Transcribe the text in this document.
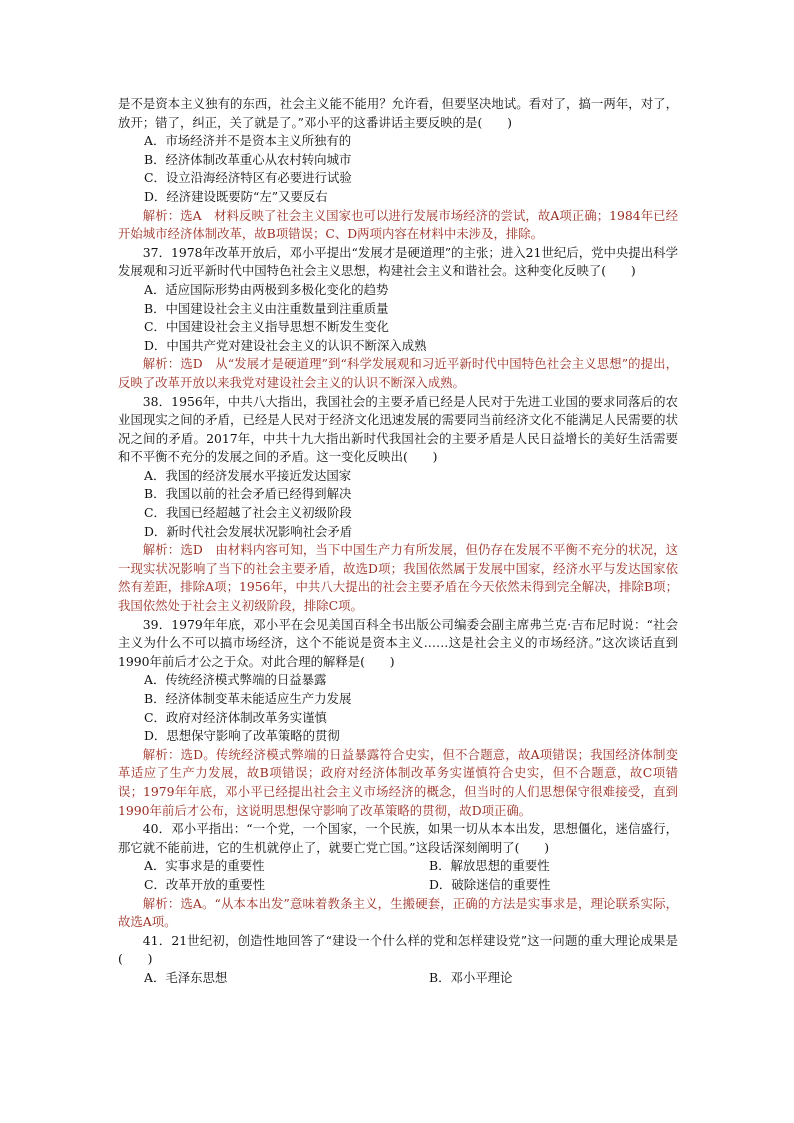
是不是资本主义独有的东西，社会主义能不能用？允许看，但要坚决地试。看对了，搞一两年，对了，放开；错了，纠正，关了就是了。”邓小平的这番讲话主要反映的是(　　)

A．市场经济并不是资本主义所独有的

B．经济体制改革重心从农村转向城市

C．设立沿海经济特区有必要进行试验

D．经济建设既要防“左”又要反右

解析：选A　材料反映了社会主义国家也可以进行发展市场经济的尝试，故A项正确；1984年已经开始城市经济体制改革，故B项错误；C、D两项内容在材料中未涉及，排除。

37．1978年改革开放后，邓小平提出“发展才是硬道理”的主张；进入21世纪后，党中央提出科学发展观和习近平新时代中国特色社会主义思想，构建社会主义和谐社会。这种变化反映了(　　)

A．适应国际形势由两极到多极化变化的趋势

B．中国建设社会主义由注重数量到注重质量

C．中国建设社会主义指导思想不断发生变化

D．中国共产党对建设社会主义的认识不断深入成熟

解析：选D　从“发展才是硬道理”到“科学发展观和习近平新时代中国特色社会主义思想”的提出，反映了改革开放以来我党对建设社会主义的认识不断深入成熟。

38．1956年，中共八大指出，我国社会的主要矛盾已经是人民对于先进工业国的要求同落后的农业国现实之间的矛盾，已经是人民对于经济文化迅速发展的需要同当前经济文化不能满足人民需要的状况之间的矛盾。2017年，中共十九大指出新时代我国社会的主要矛盾是人民日益增长的美好生活需要和不平衡不充分的发展之间的矛盾。这一变化反映出(　　)

A．我国的经济发展水平接近发达国家

B．我国以前的社会矛盾已经得到解决

C．我国已经超越了社会主义初级阶段

D．新时代社会发展状况影响社会矛盾

解析：选D　由材料内容可知，当下中国生产力有所发展，但仍存在发展不平衡不充分的状况，这一现实状况影响了当下的社会主要矛盾，故选D项；我国依然属于发展中国家，经济水平与发达国家依然有差距，排除A项；1956年，中共八大提出的社会主要矛盾在今天依然未得到完全解决，排除B项；我国依然处于社会主义初级阶段，排除C项。

39．1979年年底，邓小平在会见美国百科全书出版公司编委会副主席弗兰克·吉布尼时说：“社会主义为什么不可以搞市场经济，这个不能说是资本主义……这是社会主义的市场经济。”这次谈话直到1990年前后才公之于众。对此合理的解释是(　　)

A．传统经济模式弊端的日益暴露

B．经济体制变革未能适应生产力发展

C．政府对经济体制改革务实谨慎

D．思想保守影响了改革策略的贯彻

解析：选D。传统经济模式弊端的日益暴露符合史实，但不合题意，故A项错误；我国经济体制变革适应了生产力发展，故B项错误；政府对经济体制改革务实谨慎符合史实，但不合题意，故C项错误；1979年年底，邓小平已经提出社会主义市场经济的概念，但当时的人们思想保守很难接受，直到1990年前后才公布，这说明思想保守影响了改革策略的贯彻，故D项正确。

40．邓小平指出：“一个党，一个国家，一个民族，如果一切从本本出发，思想僵化，迷信盛行，那它就不能前进，它的生机就停止了，就要亡党亡国。”这段话深刻阐明了(　　)

A．实事求是的重要性	B．解放思想的重要性
C．改革开放的重要性	D．破除迷信的重要性

解析：选A。“从本本出发”意味着教条主义，生搬硬套，正确的方法是实事求是，理论联系实际，故选A项。

41．21世纪初，创造性地回答了“建设一个什么样的党和怎样建设党”这一问题的重大理论成果是(　　)

A．毛泽东思想	B．邓小平理论
